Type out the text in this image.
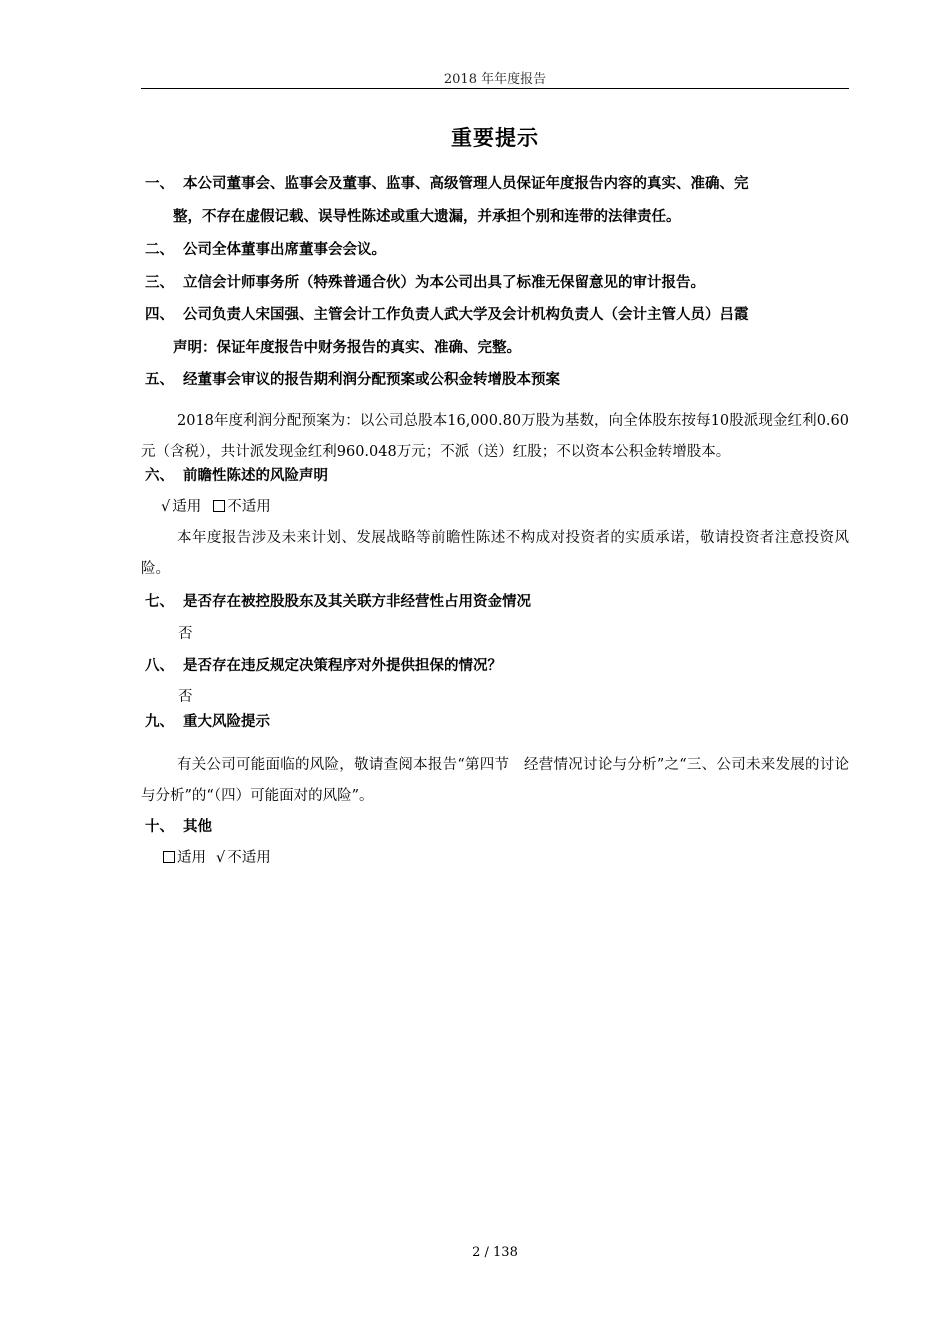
2018 年年度报告
重要提示
一、 本公司董事会、监事会及董事、监事、高级管理人员保证年度报告内容的真实、准确、完
整，不存在虚假记载、误导性陈述或重大遗漏，并承担个别和连带的法律责任。
二、 公司全体董事出席董事会会议。
三、 立信会计师事务所（特殊普通合伙）为本公司出具了标准无保留意见的审计报告。
四、 公司负责人宋国强、主管会计工作负责人武大学及会计机构负责人（会计主管人员）吕霞
声明：保证年度报告中财务报告的真实、准确、完整。
五、 经董事会审议的报告期利润分配预案或公积金转增股本预案
2018年度利润分配预案为：以公司总股本16,000.80万股为基数，向全体股东按每10股派现金红利0.60元（含税），共计派发现金红利960.048万元；不派（送）红股；不以资本公积金转增股本。
六、 前瞻性陈述的风险声明
√ 适用 不适用
本年度报告涉及未来计划、发展战略等前瞻性陈述不构成对投资者的实质承诺，敬请投资者注意投资风险。
七、 是否存在被控股股东及其关联方非经营性占用资金情况
否
八、 是否存在违反规定决策程序对外提供担保的情况？
否
九、 重大风险提示
有关公司可能面临的风险，敬请查阅本报告“第四节　经营情况讨论与分析”之“三、公司未来发展的讨论与分析”的“（四）可能面对的风险”。
十、 其他
适用 √ 不适用
2 / 138
